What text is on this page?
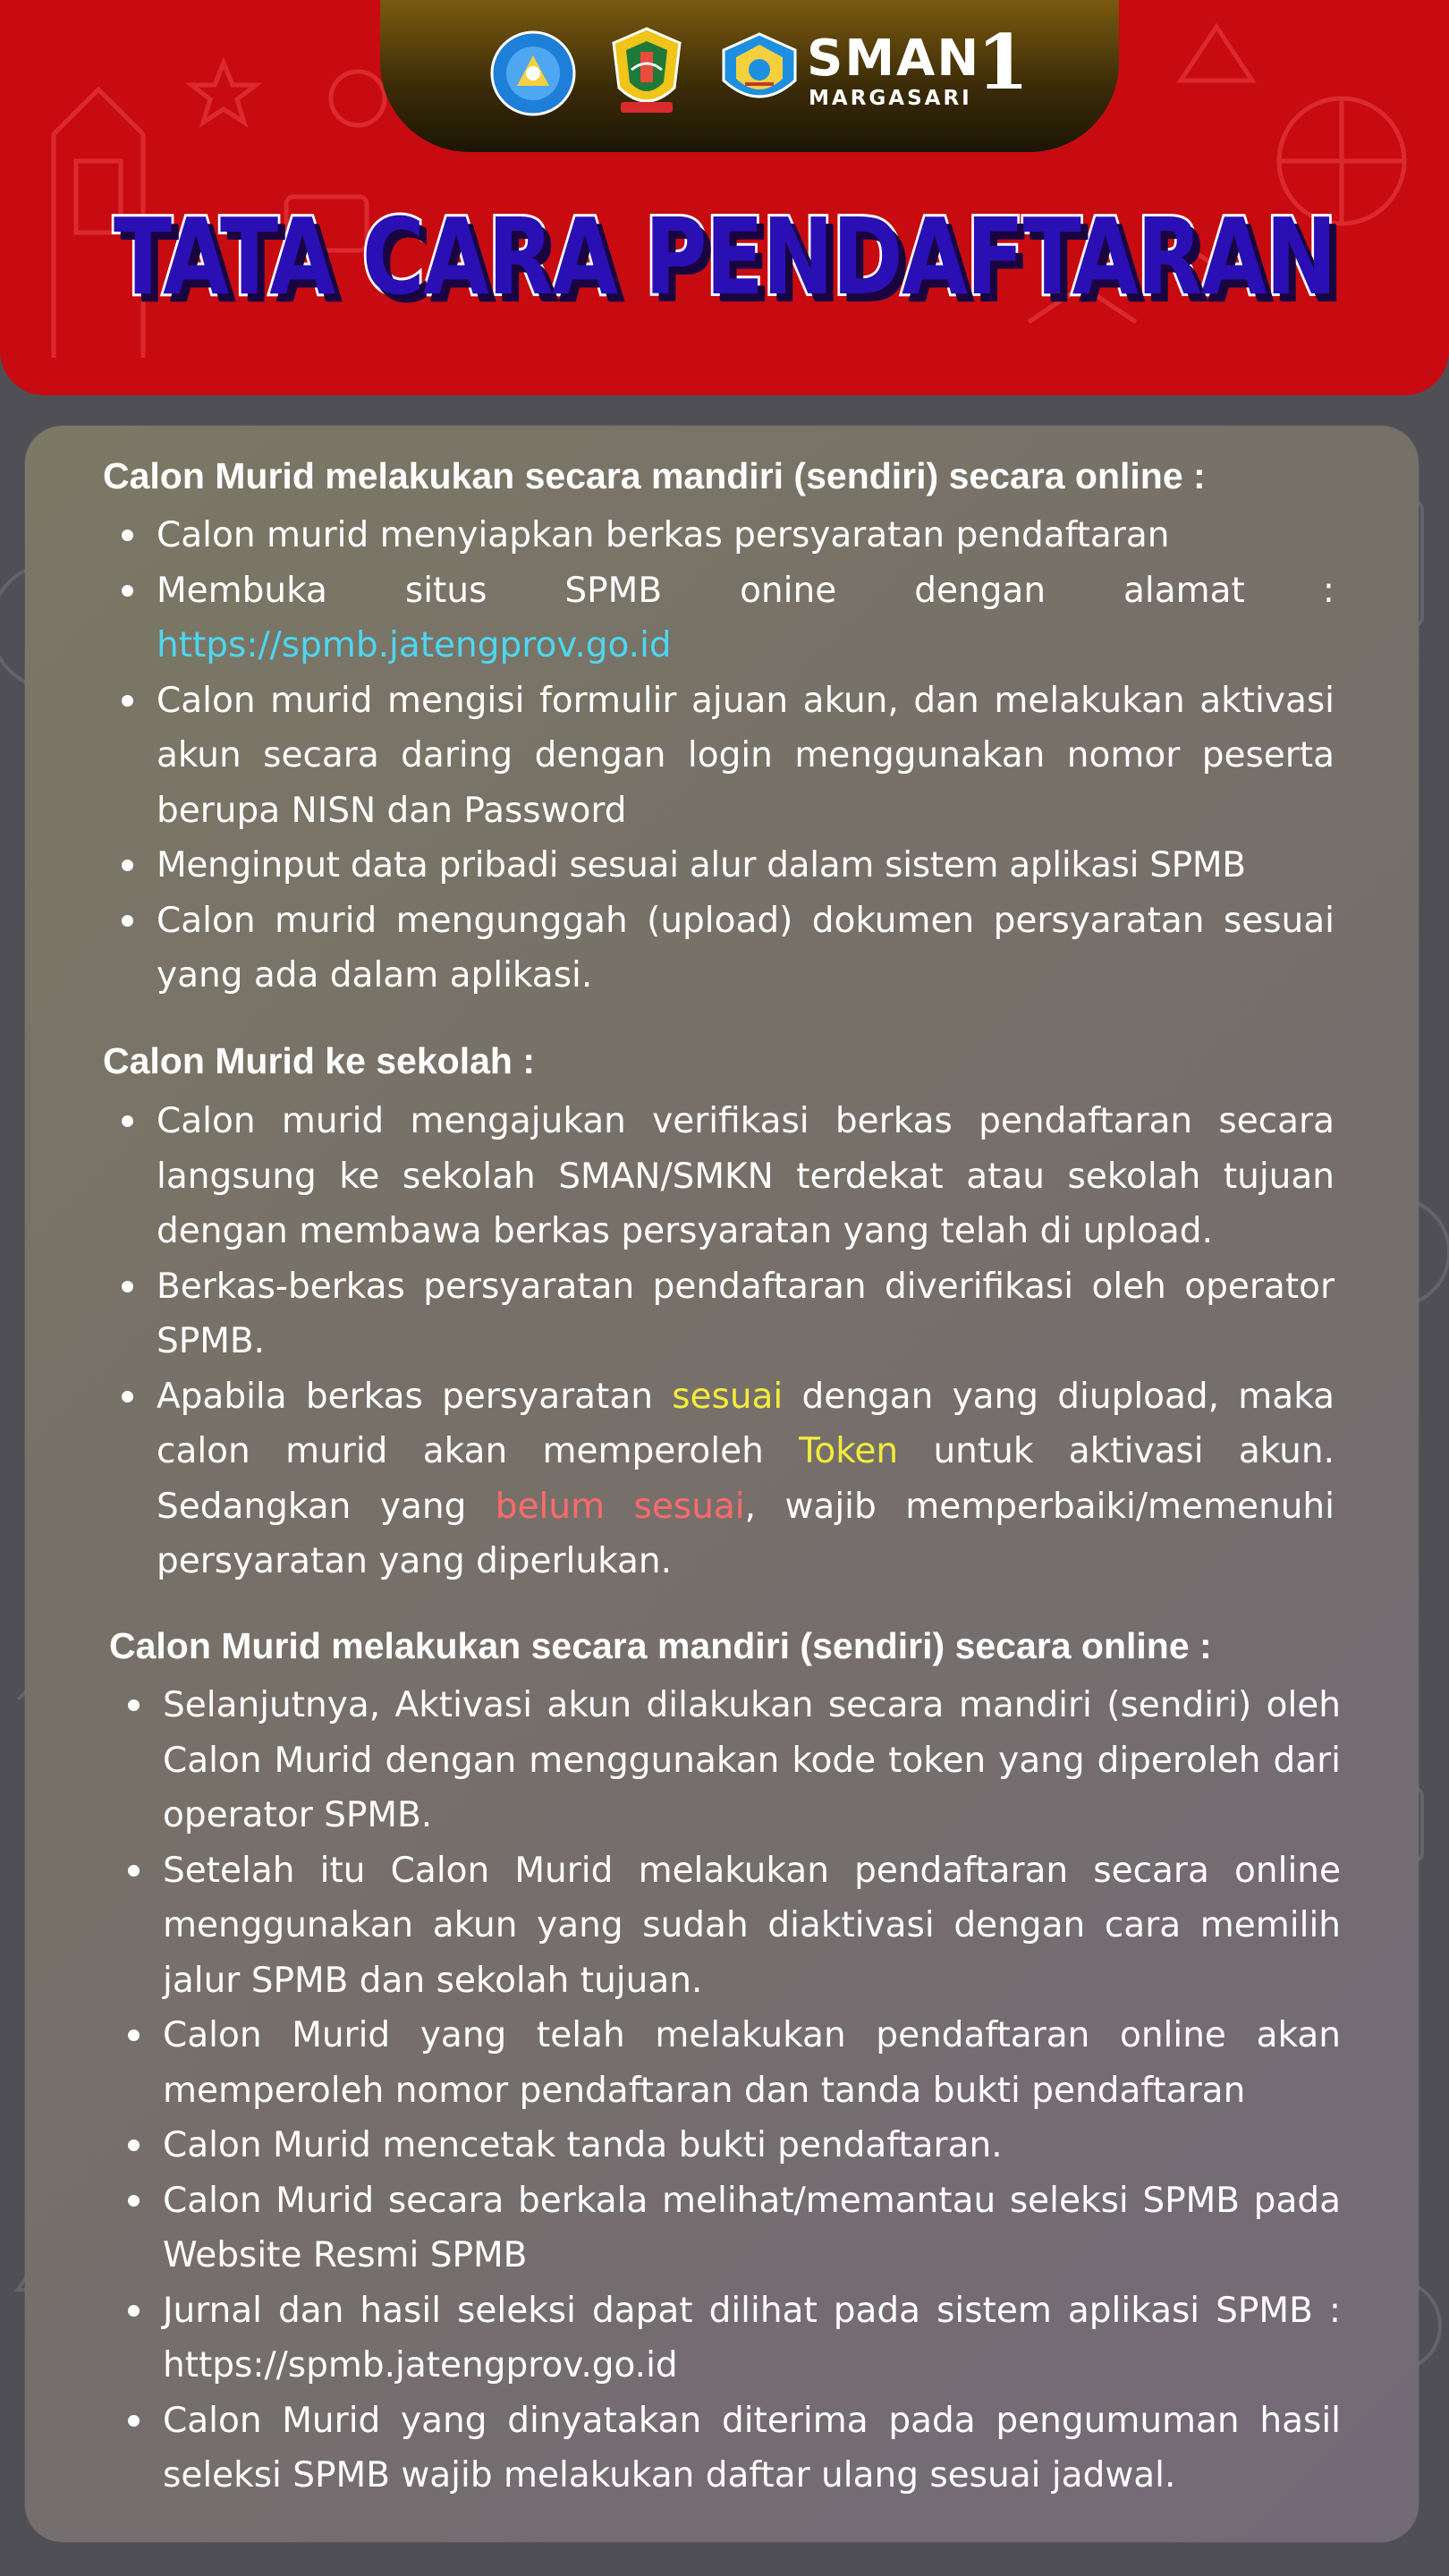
SMAN
1
MARGASARI
TATA CARA PENDAFTARAN
Calon Murid melakukan secara mandiri (sendiri) secara online :
Calon murid menyiapkan berkas persyaratan pendaftaran
Membuka situs SPMB onine dengan alamat :
https://spmb.jatengprov.go.id
Calon murid mengisi formulir ajuan akun, dan melakukan aktivasi akun secara daring dengan login menggunakan nomor peserta berupa NISN dan Password
Menginput data pribadi sesuai alur dalam sistem aplikasi SPMB
Calon murid mengunggah (upload) dokumen persyaratan sesuai yang ada dalam aplikasi.
Calon Murid ke sekolah :
Calon murid mengajukan verifikasi berkas pendaftaran secara langsung ke sekolah SMAN/SMKN terdekat atau sekolah tujuan dengan membawa berkas persyaratan yang telah di upload.
Berkas-berkas persyaratan pendaftaran diverifikasi oleh operator SPMB.
Apabila berkas persyaratan sesuai dengan yang diupload, maka calon murid akan memperoleh Token untuk aktivasi akun. Sedangkan yang belum sesuai, wajib memperbaiki/memenuhi persyaratan yang diperlukan.
Calon Murid melakukan secara mandiri (sendiri) secara online :
Selanjutnya, Aktivasi akun dilakukan secara mandiri (sendiri) oleh Calon Murid dengan menggunakan kode token yang diperoleh dari operator SPMB.
Setelah itu Calon Murid melakukan pendaftaran secara online menggunakan akun yang sudah diaktivasi dengan cara memilih jalur SPMB dan sekolah tujuan.
Calon Murid yang telah melakukan pendaftaran online akan memperoleh nomor pendaftaran dan tanda bukti pendaftaran
Calon Murid mencetak tanda bukti pendaftaran.
Calon Murid secara berkala melihat/memantau seleksi SPMB pada Website Resmi SPMB
Jurnal dan hasil seleksi dapat dilihat pada sistem aplikasi SPMB : https://spmb.jatengprov.go.id
Calon Murid yang dinyatakan diterima pada pengumuman hasil seleksi SPMB wajib melakukan daftar ulang sesuai jadwal.
